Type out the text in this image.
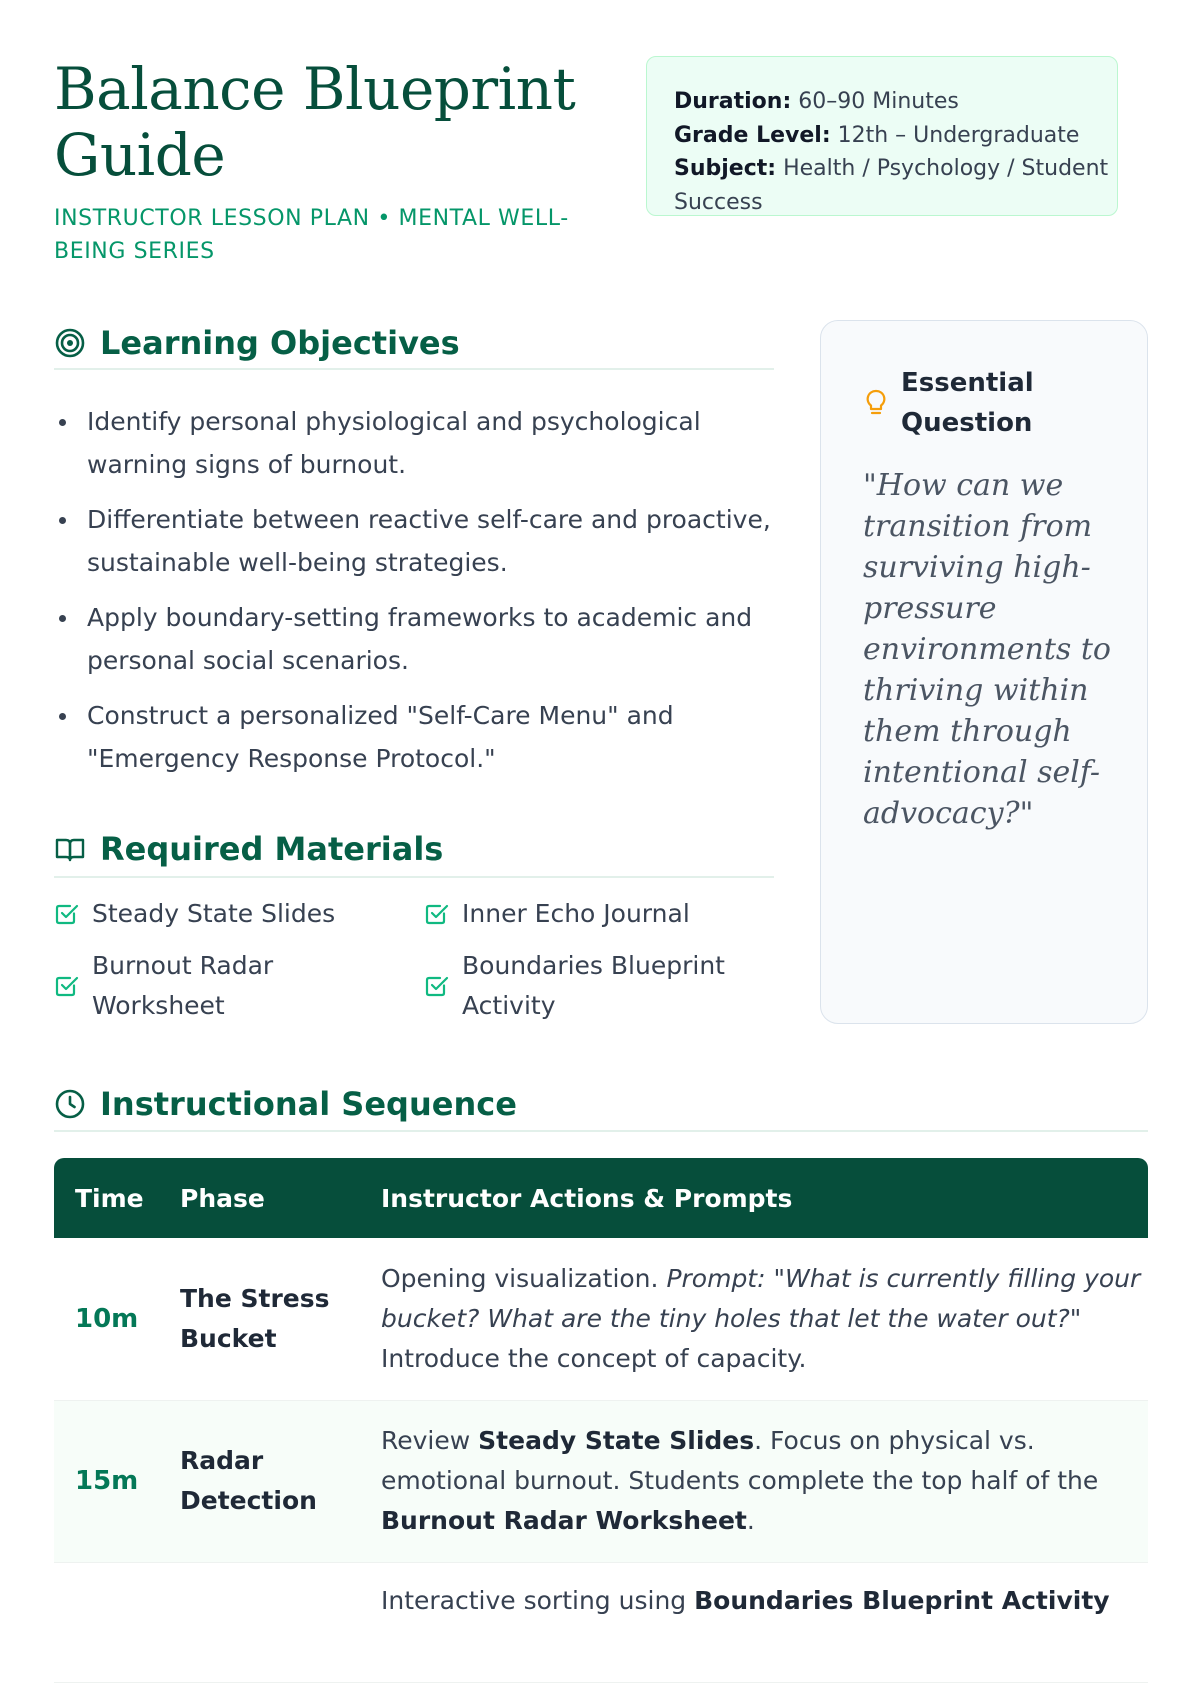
Balance Blueprint Guide
INSTRUCTOR LESSON PLAN • MENTAL WELL-BEING SERIES
Duration: 60–90 Minutes
Grade Level: 12th – Undergraduate
Subject: Health / Psychology / Student Success
Learning Objectives
Identify personal physiological and psychological warning signs of burnout.
Differentiate between reactive self-care and proactive, sustainable well-being strategies.
Apply boundary-setting frameworks to academic and personal social scenarios.
Construct a personalized "Self-Care Menu" and "Emergency Response Protocol."
Required Materials
Steady State Slides	Inner Echo Journal
Burnout Radar Worksheet
Boundaries Blueprint Activity
Essential Question
"How can we transition from surviving high-pressure environments to thriving within them through intentional self-advocacy?"
Instructional Sequence
Time	Phase	Instructor Actions & Prompts
10m	The Stress Bucket	Opening visualization. Prompt: "What is currently filling your bucket? What are the tiny holes that let the water out?" Introduce the concept of capacity.
15m	Radar Detection	Review Steady State Slides. Focus on physical vs. emotional burnout. Students complete the top half of the Burnout Radar Worksheet.
		Interactive sorting using Boundaries Blueprint Activity
